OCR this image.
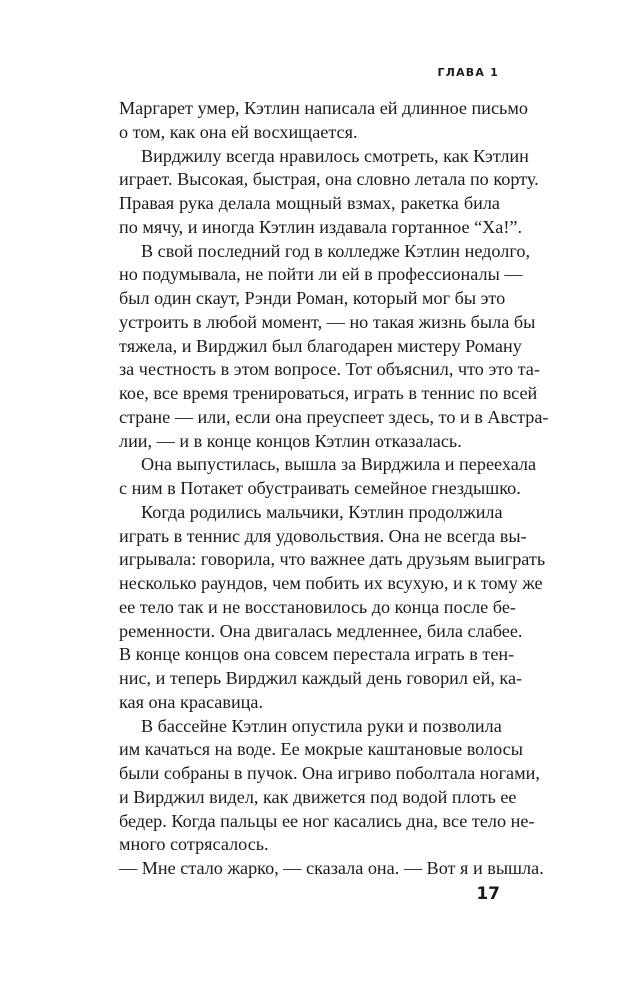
ГЛАВА 1
Маргарет умер, Кэтлин написала ей длинное письмо
о том, как она ей восхищается.
Вирджилу всегда нравилось смотреть, как Кэтлин
играет. Высокая, быстрая, она словно летала по корту.
Правая рука делала мощный взмах, ракетка била
по мячу, и иногда Кэтлин издавала гортанное “Ха!”.
В свой последний год в колледже Кэтлин недолго,
но подумывала, не пойти ли ей в профессионалы —
был один скаут, Рэнди Роман, который мог бы это
устроить в любой момент, — но такая жизнь была бы
тяжела, и Вирджил был благодарен мистеру Роману
за честность в этом вопросе. Тот объяснил, что это та-
кое, все время тренироваться, играть в теннис по всей
стране — или, если она преуспеет здесь, то и в Австра-
лии, — и в конце концов Кэтлин отказалась.
Она выпустилась, вышла за Вирджила и переехала
с ним в Потакет обустраивать семейное гнездышко.
Когда родились мальчики, Кэтлин продолжила
играть в теннис для удовольствия. Она не всегда вы-
игрывала: говорила, что важнее дать друзьям выиграть
несколько раундов, чем побить их всухую, и к тому же
ее тело так и не восстановилось до конца после бе-
ременности. Она двигалась медленнее, била слабее.
В конце концов она совсем перестала играть в тен-
нис, и теперь Вирджил каждый день говорил ей, ка-
кая она красавица.
В бассейне Кэтлин опустила руки и позволила
им качаться на воде. Ее мокрые каштановые волосы
были собраны в пучок. Она игриво поболтала ногами,
и Вирджил видел, как движется под водой плоть ее
бедер. Когда пальцы ее ног касались дна, все тело не-
много сотрясалось.
— Мне стало жарко, — сказала она. — Вот я и вышла.
17
